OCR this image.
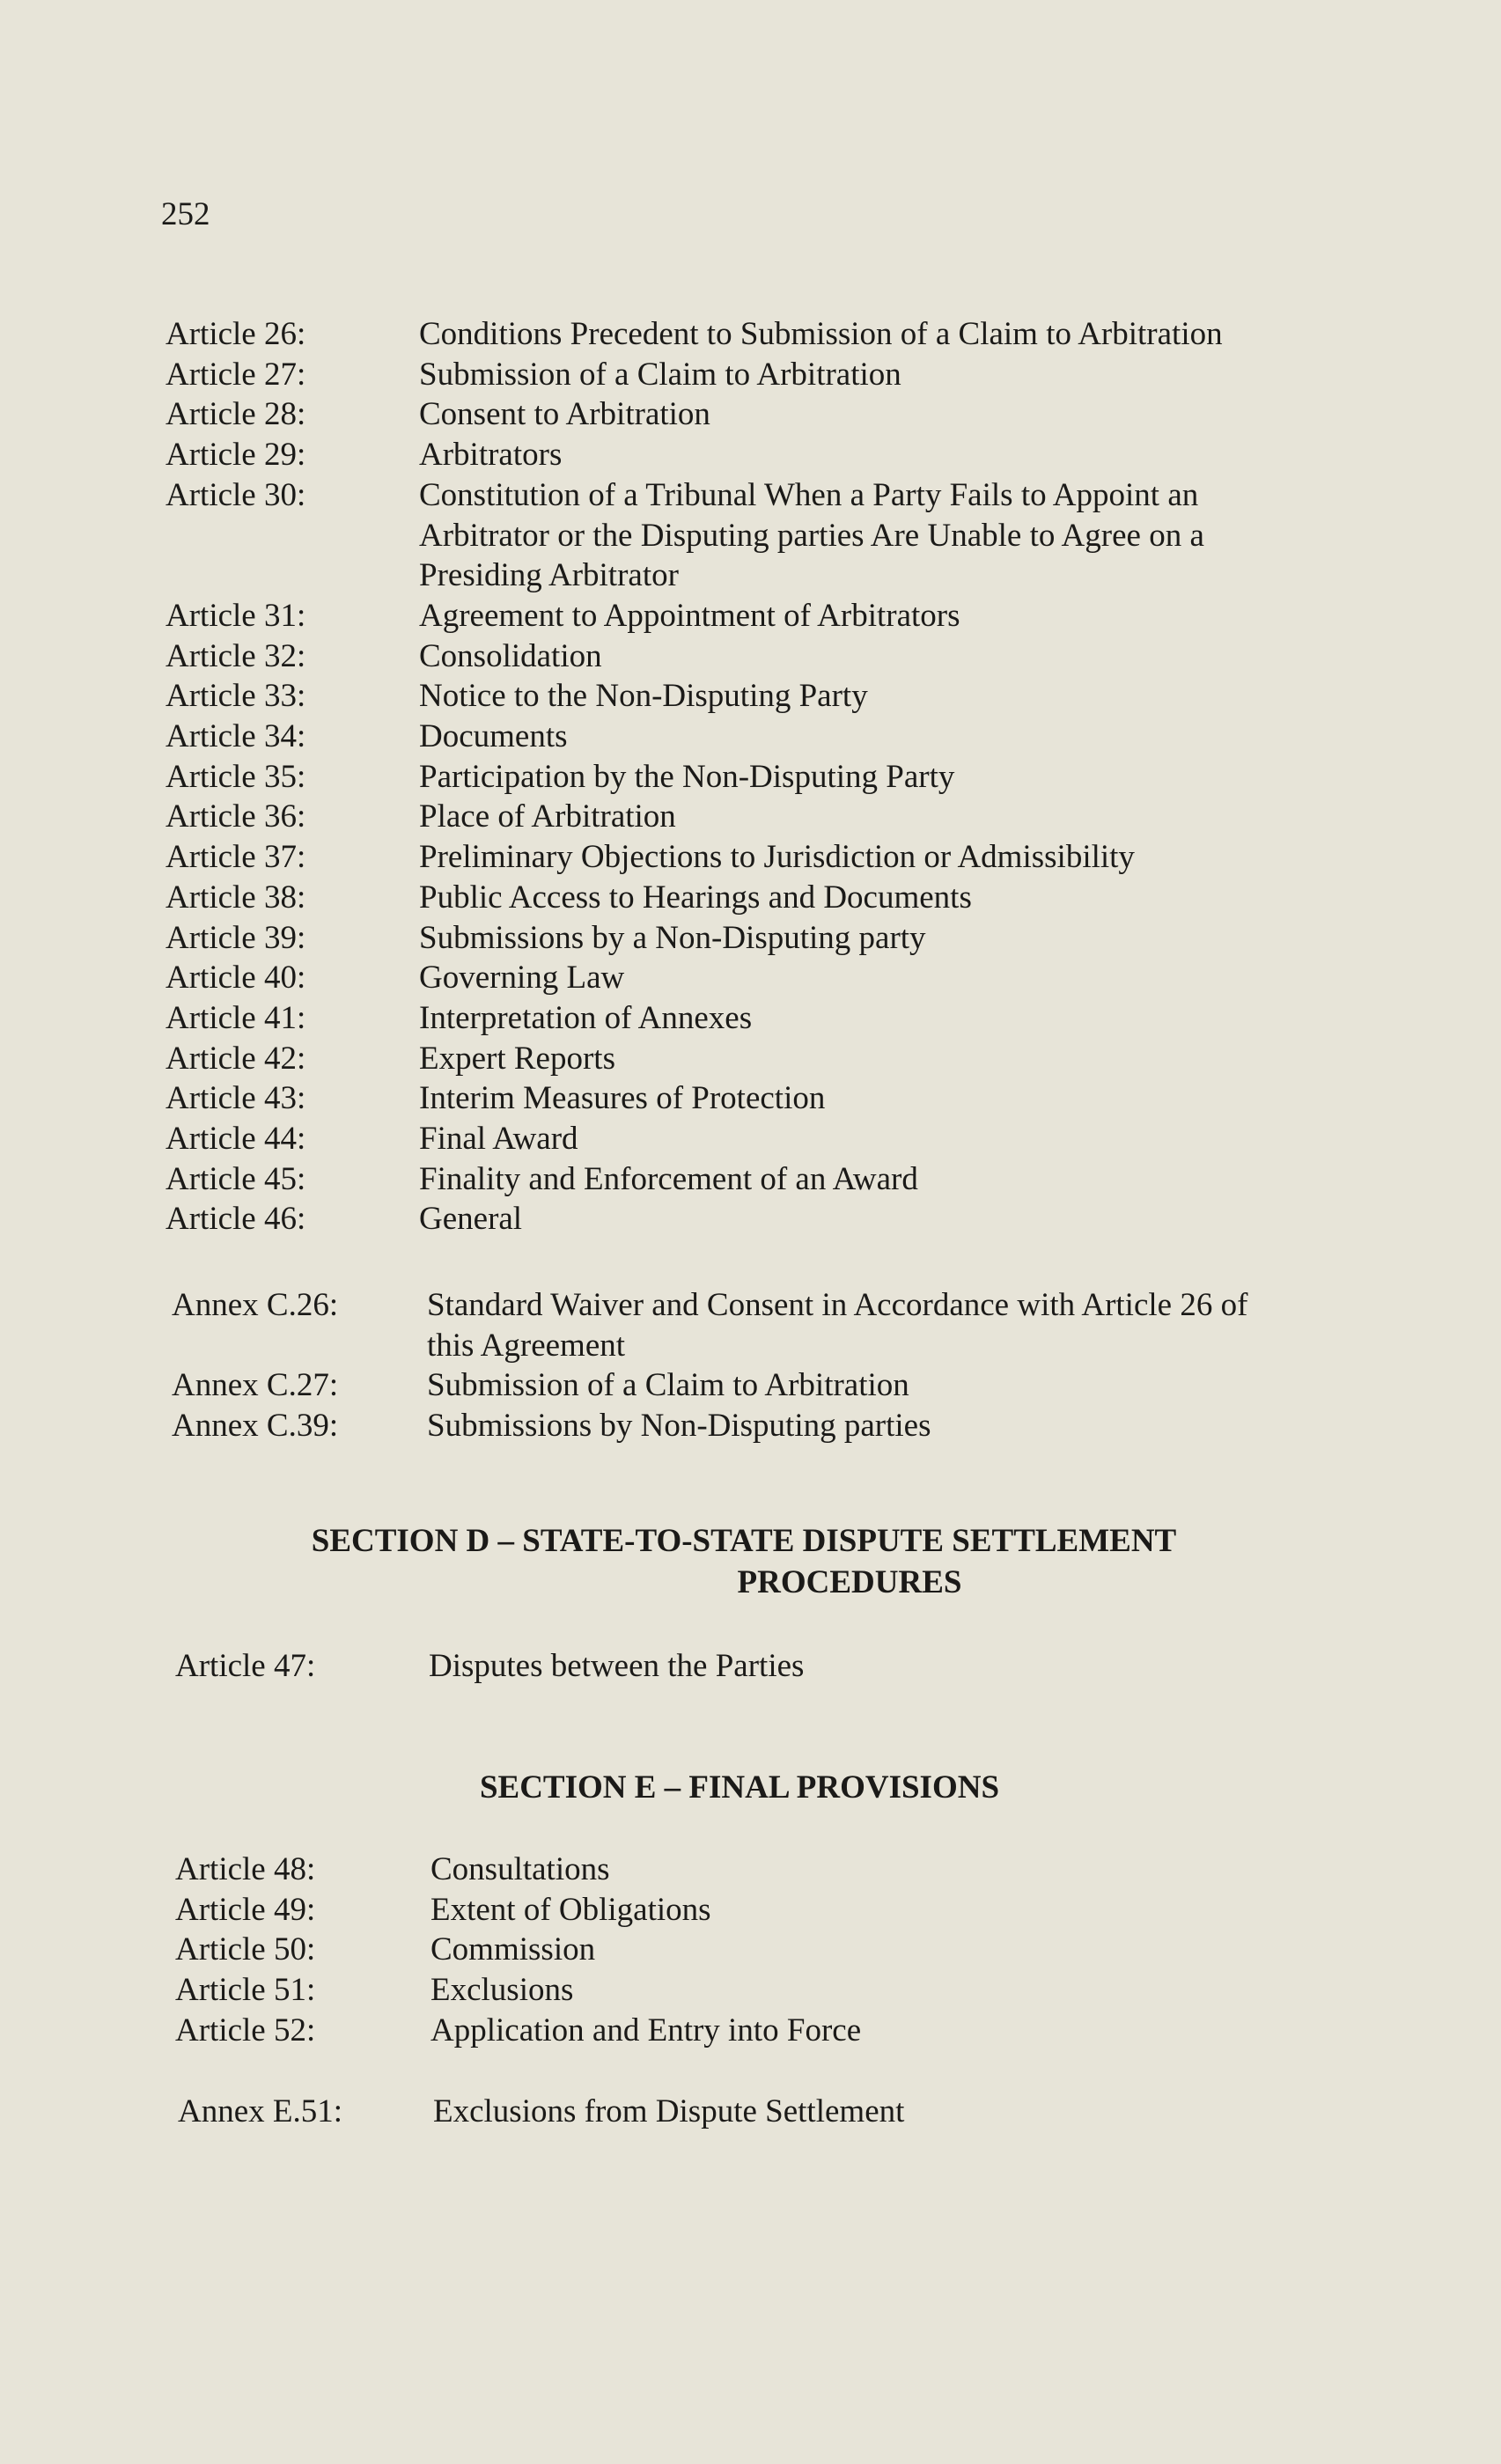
252
Article 26:	Conditions Precedent to Submission of a Claim to Arbitration
Article 27:	Submission of a Claim to Arbitration
Article 28:	Consent to Arbitration
Article 29:	Arbitrators
Article 30:	Constitution of a Tribunal When a Party Fails to Appoint an Arbitrator or the Disputing parties Are Unable to Agree on a Presiding Arbitrator
Article 31:	Agreement to Appointment of Arbitrators
Article 32:	Consolidation
Article 33:	Notice to the Non-Disputing Party
Article 34:	Documents
Article 35:	Participation by the Non-Disputing Party
Article 36:	Place of Arbitration
Article 37:	Preliminary Objections to Jurisdiction or Admissibility
Article 38:	Public Access to Hearings and Documents
Article 39:	Submissions by a Non-Disputing party
Article 40:	Governing Law
Article 41:	Interpretation of Annexes
Article 42:	Expert Reports
Article 43:	Interim Measures of Protection
Article 44:	Final Award
Article 45:	Finality and Enforcement of an Award
Article 46:	General
Annex C.26:	Standard Waiver and Consent in Accordance with Article 26 of this Agreement
Annex C.27:	Submission of a Claim to Arbitration
Annex C.39:	Submissions by Non-Disputing parties
SECTION D – STATE-TO-STATE DISPUTE SETTLEMENT
PROCEDURES
Article 47:	Disputes between the Parties
SECTION E – FINAL PROVISIONS
Article 48:	Consultations
Article 49:	Extent of Obligations
Article 50:	Commission
Article 51:	Exclusions
Article 52:	Application and Entry into Force
Annex E.51:	Exclusions from Dispute Settlement
